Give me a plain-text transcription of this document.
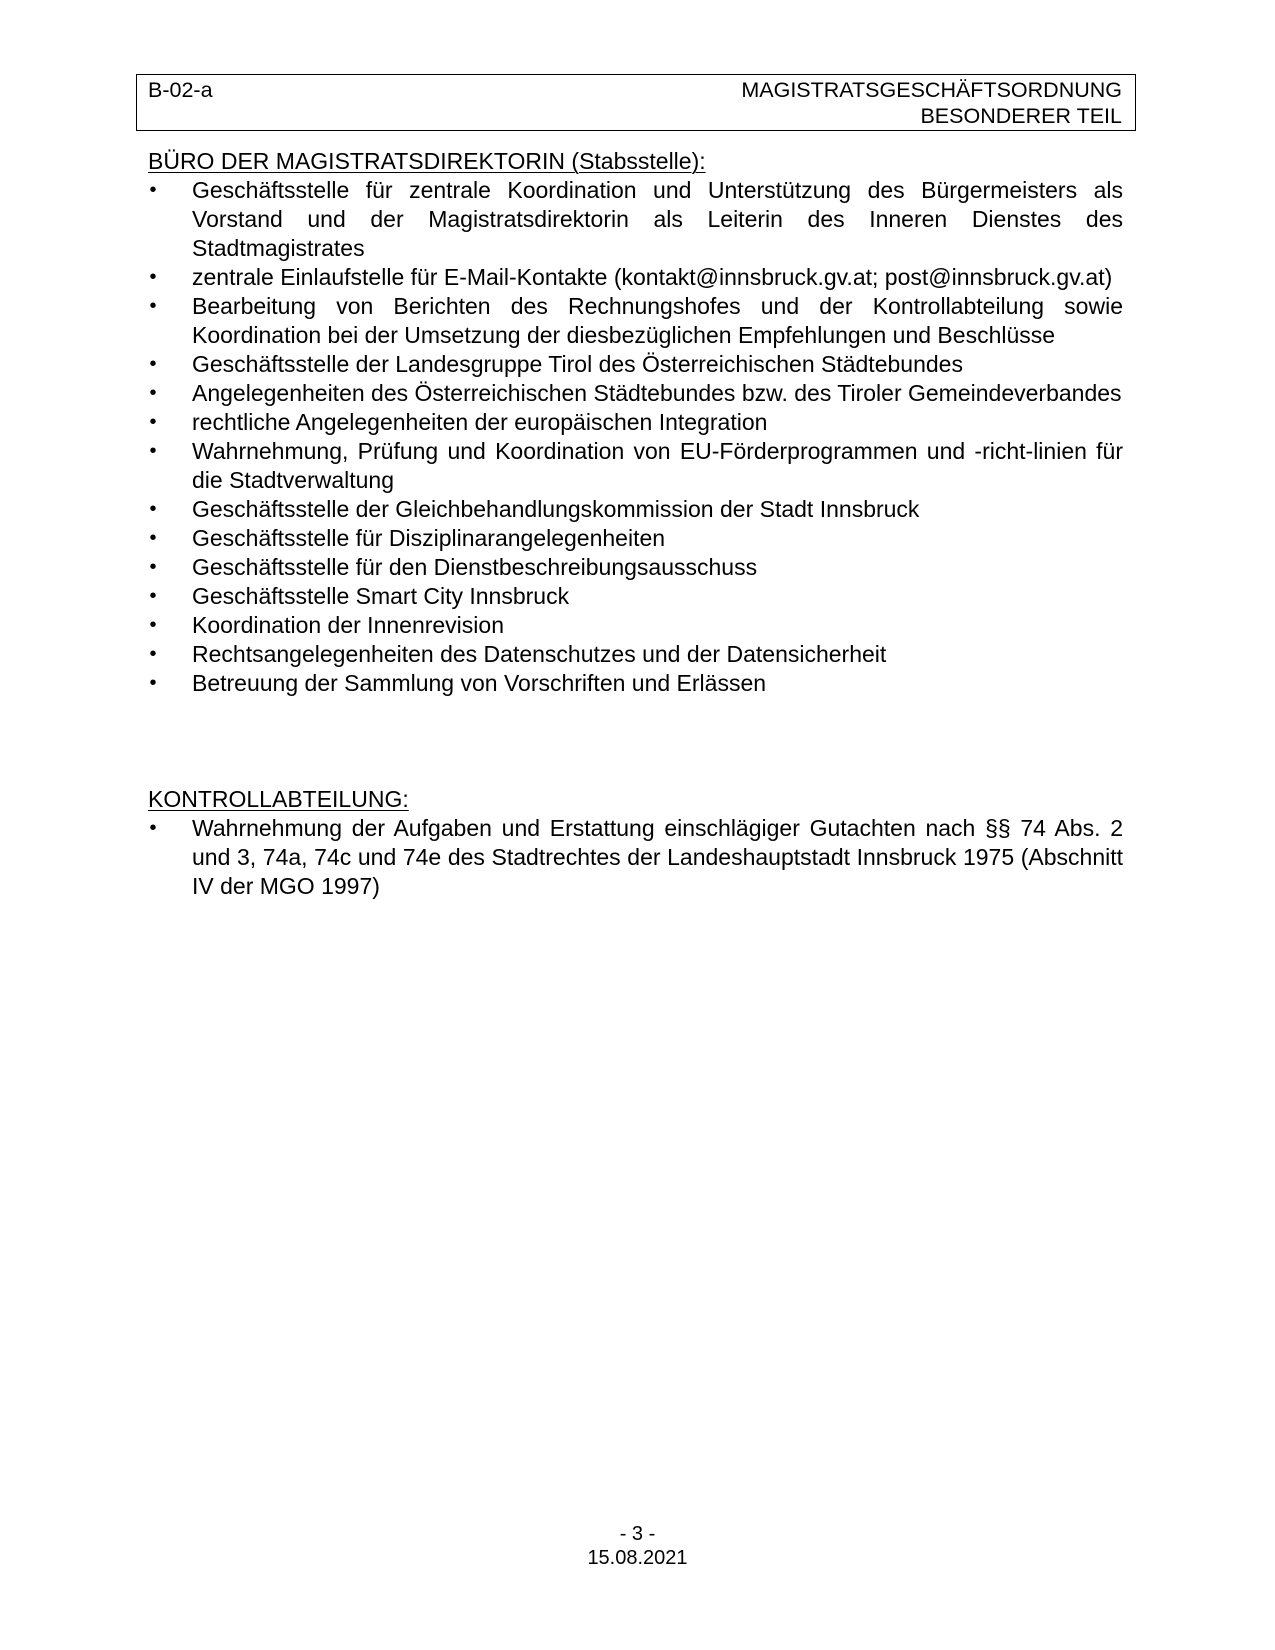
B-02-a	MAGISTRATSGESCHÄFTSORDNUNG
BESONDERER TEIL
BÜRO DER MAGISTRATSDIREKTORIN (Stabsstelle):
• Geschäftsstelle für zentrale Koordination und Unterstützung des Bürgermeisters als Vorstand und der Magistratsdirektorin als Leiterin des Inneren Dienstes des Stadtmagistrates
• zentrale Einlaufstelle für E-Mail-Kontakte (kontakt@innsbruck.gv.at; post@innsbruck.gv.at)
• Bearbeitung von Berichten des Rechnungshofes und der Kontrollabteilung sowie Koordination bei der Umsetzung der diesbezüglichen Empfehlungen und Beschlüsse
• Geschäftsstelle der Landesgruppe Tirol des Österreichischen Städtebundes
• Angelegenheiten des Österreichischen Städtebundes bzw. des Tiroler Gemeindeverbandes
• rechtliche Angelegenheiten der europäischen Integration
• Wahrnehmung, Prüfung und Koordination von EU-Förderprogrammen und -richt-linien für die Stadtverwaltung
• Geschäftsstelle der Gleichbehandlungskommission der Stadt Innsbruck
• Geschäftsstelle für Disziplinarangelegenheiten
• Geschäftsstelle für den Dienstbeschreibungsausschuss
• Geschäftsstelle Smart City Innsbruck
• Koordination der Innenrevision
• Rechtsangelegenheiten des Datenschutzes und der Datensicherheit
• Betreuung der Sammlung von Vorschriften und Erlässen
KONTROLLABTEILUNG:
• Wahrnehmung der Aufgaben und Erstattung einschlägiger Gutachten nach §§ 74 Abs. 2 und 3, 74a, 74c und 74e des Stadtrechtes der Landeshauptstadt Innsbruck 1975 (Abschnitt IV der MGO 1997)
- 3 -
15.08.2021
